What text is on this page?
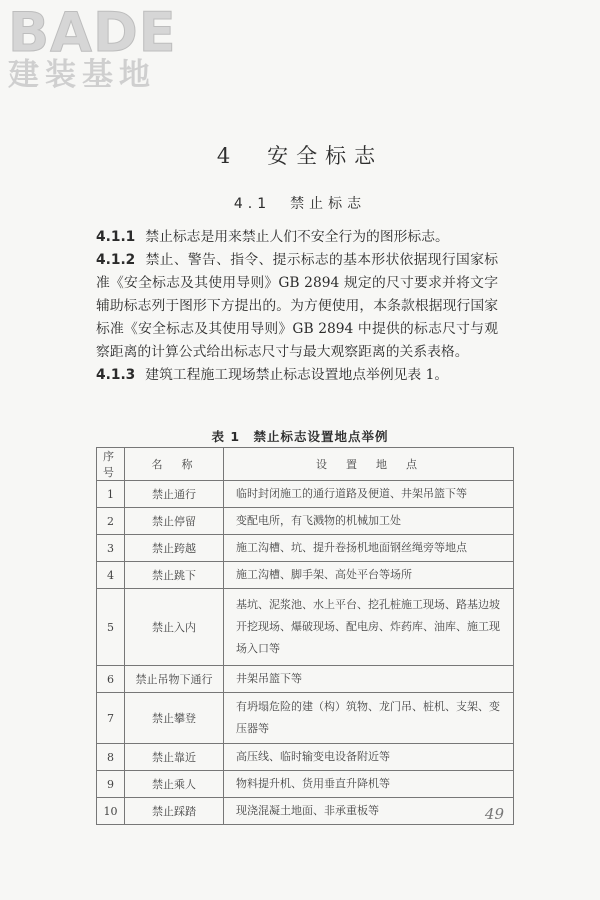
BADE
建装基地
4　安全标志
4.1　禁止标志

4.1.1 禁止标志是用来禁止人们不安全行为的图形标志。

4.1.2 禁止、警告、指令、提示标志的基本形状依据现行国家标准《安全标志及其使用导则》GB 2894 规定的尺寸要求并将文字辅助标志列于图形下方提出的。为方便使用，本条款根据现行国家标准《安全标志及其使用导则》GB 2894 中提供的标志尺寸与观察距离的计算公式给出标志尺寸与最大观察距离的关系表格。

4.1.3 建筑工程施工现场禁止标志设置地点举例见表 1。

表 1　禁止标志设置地点举例
序号	名　称	设　置　地　点
1	禁止通行	临时封闭施工的通行道路及便道、井架吊篮下等
2	禁止停留	变配电所，有飞溅物的机械加工处
3	禁止跨越	施工沟槽、坑、提升卷扬机地面钢丝绳旁等地点
4	禁止跳下	施工沟槽、脚手架、高处平台等场所
5	禁止入内	基坑、泥浆池、水上平台、挖孔桩施工现场、路基边坡开挖现场、爆破现场、配电房、炸药库、油库、施工现场入口等
6	禁止吊物下通行	井架吊篮下等
7	禁止攀登	有坍塌危险的建（构）筑物、龙门吊、桩机、支架、变压器等
8	禁止靠近	高压线、临时输变电设备附近等
9	禁止乘人	物料提升机、货用垂直升降机等
10	禁止踩踏	现浇混凝土地面、非承重板等	49
